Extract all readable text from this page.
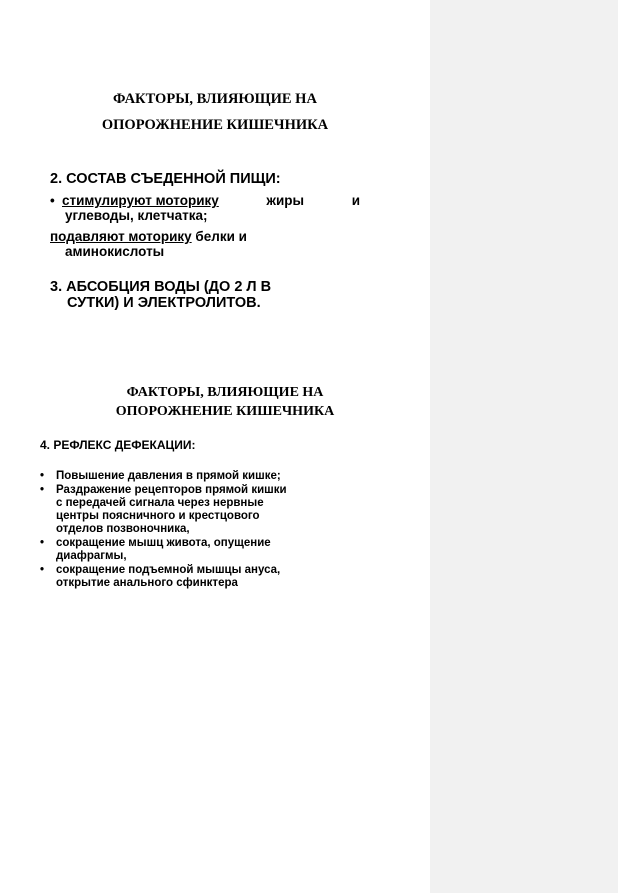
ФАКТОРЫ, ВЛИЯЮЩИЕ НА
ОПОРОЖНЕНИЕ КИШЕЧНИКА
2. СОСТАВ СЪЕДЕННОЙ ПИЩИ:
• стимулируют моторику	жиры	и
углеводы, клетчатка;
подавляют моторику белки и
аминокислоты
3. АБСОБЦИЯ ВОДЫ (ДО 2 Л В
СУТКИ) И ЭЛЕКТРОЛИТОВ.
ФАКТОРЫ, ВЛИЯЮЩИЕ НА
ОПОРОЖНЕНИЕ КИШЕЧНИКА
4. РЕФЛЕКС ДЕФЕКАЦИИ:
•	Повышение давления в прямой кишке;
•	Раздражение рецепторов прямой кишки
с передачей сигнала через нервные
центры поясничного и крестцового
отделов позвоночника,
•	сокращение мышц живота, опущение
диафрагмы,
•	сокращение подъемной мышцы ануса,
открытие анального сфинктера
